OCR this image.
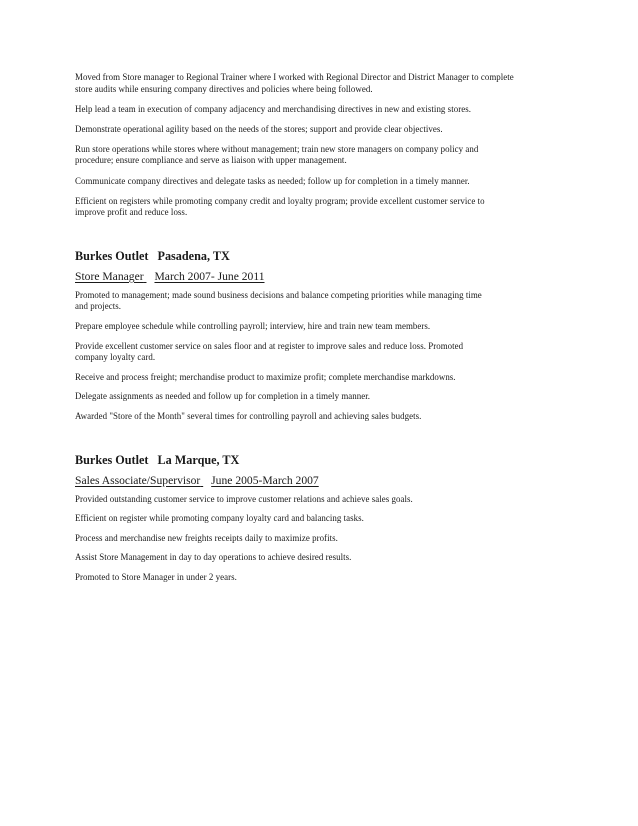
Moved from Store manager to Regional Trainer where I worked with Regional Director and District Manager to complete
store audits while ensuring company directives and policies where being followed.

Help lead a team in execution of company adjacency and merchandising directives in new and existing stores.

Demonstrate operational agility based on the needs of the stores; support and provide clear objectives.

Run store operations while stores where without management; train new store managers on company policy and
procedure; ensure compliance and serve as liaison with upper management.

Communicate company directives and delegate tasks as needed; follow up for completion in a timely manner.

Efficient on registers while promoting company credit and loyalty program; provide excellent customer service to
improve profit and reduce loss.

Burkes Outlet Pasadena, TX
Store Manager March 2007- June 2011

Promoted to management; made sound business decisions and balance competing priorities while managing time
and projects.

Prepare employee schedule while controlling payroll; interview, hire and train new team members.

Provide excellent customer service on sales floor and at register to improve sales and reduce loss. Promoted
company loyalty card.

Receive and process freight; merchandise product to maximize profit; complete merchandise markdowns.

Delegate assignments as needed and follow up for completion in a timely manner.

Awarded "Store of the Month" several times for controlling payroll and achieving sales budgets.

Burkes Outlet La Marque, TX
Sales Associate/Supervisor June 2005-March 2007

Provided outstanding customer service to improve customer relations and achieve sales goals.

Efficient on register while promoting company loyalty card and balancing tasks.

Process and merchandise new freights receipts daily to maximize profits.

Assist Store Management in day to day operations to achieve desired results.

Promoted to Store Manager in under 2 years.
